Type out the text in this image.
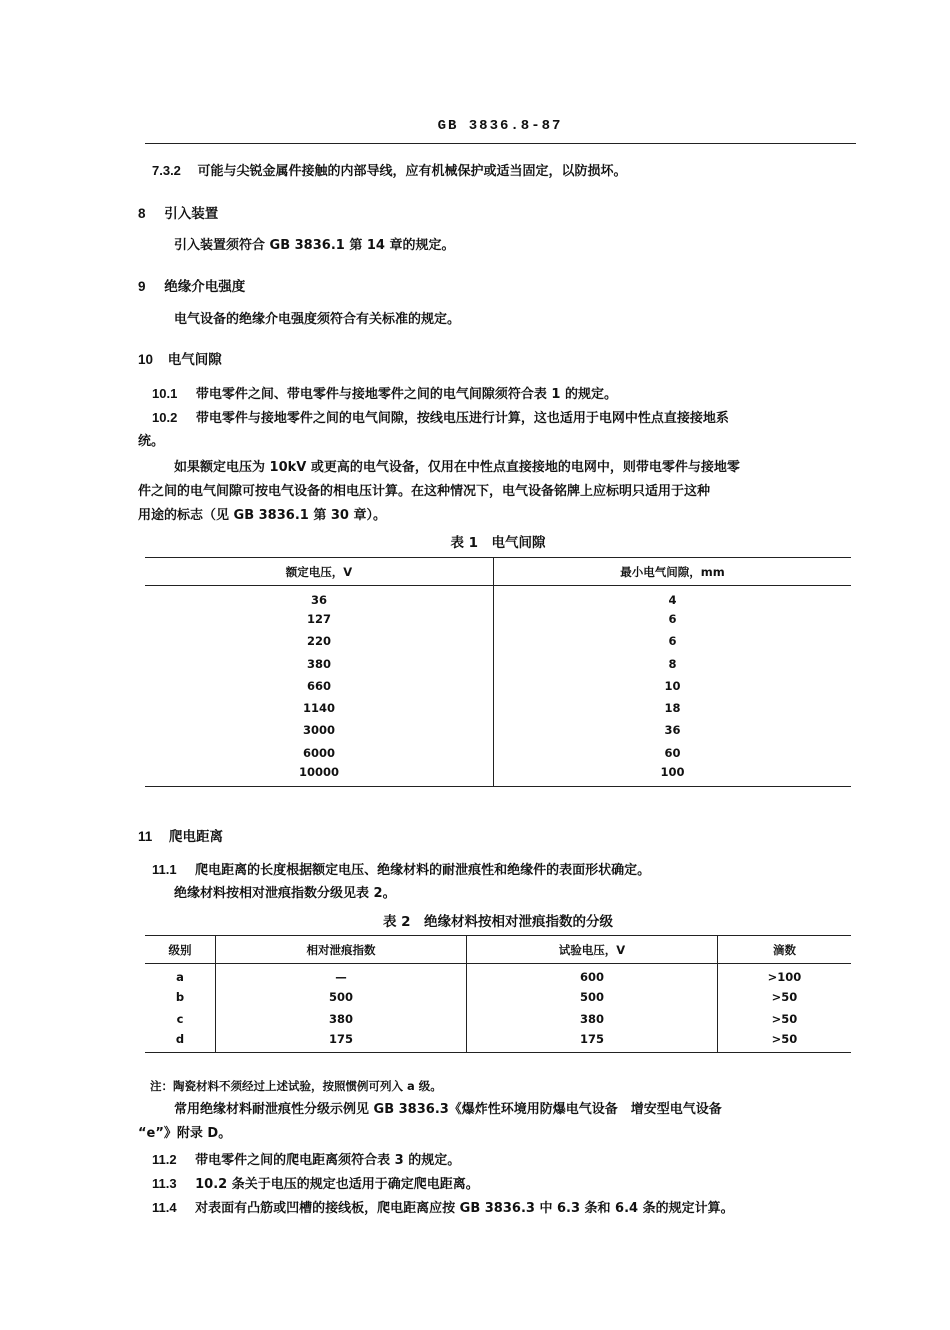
GB 3836.8-87
7.3.2 可能与尖锐金属件接触的内部导线，应有机械保护或适当固定，以防损坏。
8 引入装置
引入装置须符合 GB 3836.1 第 14 章的规定。
9 绝缘介电强度
电气设备的绝缘介电强度须符合有关标准的规定。
10 电气间隙
10.1 带电零件之间、带电零件与接地零件之间的电气间隙须符合表 1 的规定。
10.2 带电零件与接地零件之间的电气间隙，按线电压进行计算，这也适用于电网中性点直接接地系
统。
如果额定电压为 10kV 或更高的电气设备，仅用在中性点直接接地的电网中，则带电零件与接地零
件之间的电气间隙可按电气设备的相电压计算。在这种情况下，电气设备铭牌上应标明只适用于这种
用途的标志（见 GB 3836.1 第 30 章）。
表 1　电气间隙
额定电压，V	最小电气间隙，mm
36	4
127	6
220	6
380	8
660	10
1140	18
3000	36
6000	60
10000	100
11 爬电距离
11.1 爬电距离的长度根据额定电压、绝缘材料的耐泄痕性和绝缘件的表面形状确定。
绝缘材料按相对泄痕指数分级见表 2。
表 2　绝缘材料按相对泄痕指数的分级
级别	相对泄痕指数	试验电压，V	滴数
a	—	600	>100
b	500	500	>50
c	380	380	>50
d	175	175	>50
注：陶瓷材料不须经过上述试验，按照惯例可列入 a 级。
常用绝缘材料耐泄痕性分级示例见 GB 3836.3《爆炸性环境用防爆电气设备　增安型电气设备
“e”》附录 D。
11.2 带电零件之间的爬电距离须符合表 3 的规定。
11.3 10.2 条关于电压的规定也适用于确定爬电距离。
11.4 对表面有凸筋或凹槽的接线板，爬电距离应按 GB 3836.3 中 6.3 条和 6.4 条的规定计算。
